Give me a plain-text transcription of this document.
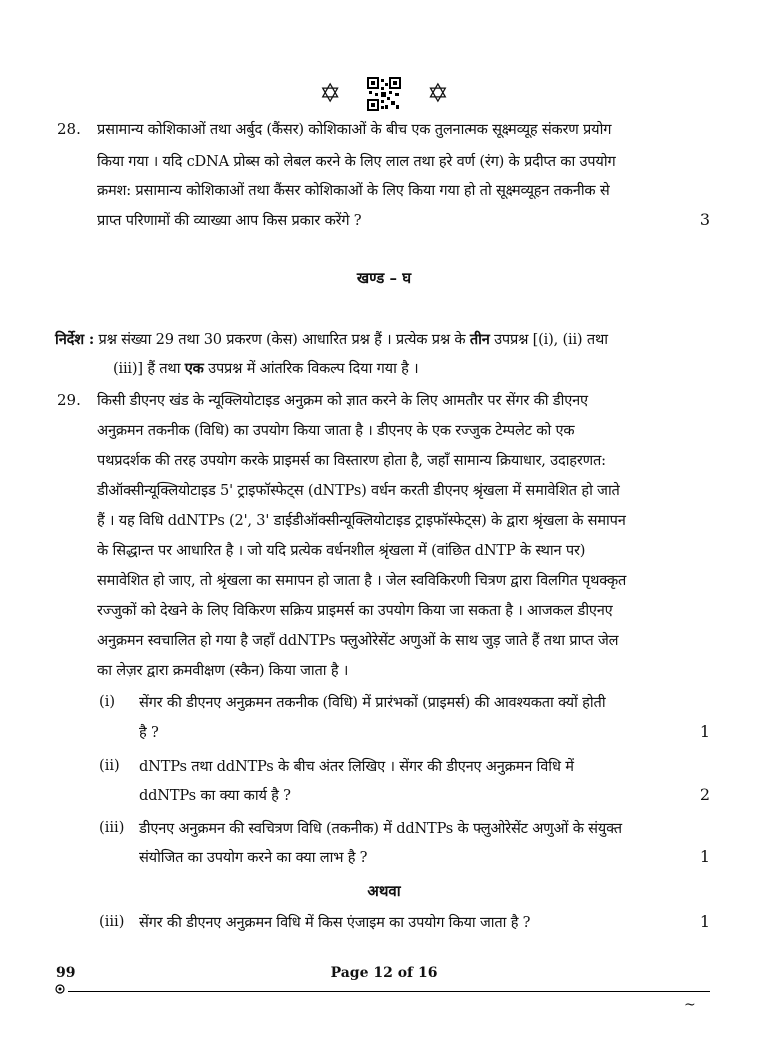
✡	✡
28. प्रसामान्य कोशिकाओं तथा अर्बुद (कैंसर) कोशिकाओं के बीच एक तुलनात्मक सूक्ष्मव्यूह संकरण प्रयोग
किया गया । यदि cDNA प्रोब्स को लेबल करने के लिए लाल तथा हरे वर्ण (रंग) के प्रदीप्त का उपयोग
क्रमश: प्रसामान्य कोशिकाओं तथा कैंसर कोशिकाओं के लिए किया गया हो तो सूक्ष्मव्यूहन तकनीक से
प्राप्त परिणामों की व्याख्या आप किस प्रकार करेंगे ?	3
खण्ड – घ
निर्देश : प्रश्न संख्या 29 तथा 30 प्रकरण (केस) आधारित प्रश्न हैं । प्रत्येक प्रश्न के तीन उपप्रश्न [(i), (ii) तथा
(iii)] हैं तथा एक उपप्रश्न में आंतरिक विकल्प दिया गया है ।
29. किसी डीएनए खंड के न्यूक्लियोटाइड अनुक्रम को ज्ञात करने के लिए आमतौर पर सेंगर की डीएनए
अनुक्रमन तकनीक (विधि) का उपयोग किया जाता है । डीएनए के एक रज्जुक टेम्पलेट को एक
पथप्रदर्शक की तरह उपयोग करके प्राइमर्स का विस्तारण होता है, जहाँ सामान्य क्रियाधार, उदाहरणत:
डीऑक्सीन्यूक्लियोटाइड 5' ट्राइफॉस्फेट्स (dNTPs) वर्धन करती डीएनए श्रृंखला में समावेशित हो जाते
हैं । यह विधि ddNTPs (2', 3' डाईडीऑक्सीन्यूक्लियोटाइड ट्राइफॉस्फेट्स) के द्वारा श्रृंखला के समापन
के सिद्धान्त पर आधारित है । जो यदि प्रत्येक वर्धनशील श्रृंखला में (वांछित dNTP के स्थान पर)
समावेशित हो जाए, तो श्रृंखला का समापन हो जाता है । जेल स्वविकिरणी चित्रण द्वारा विलगित पृथक्कृत
रज्जुकों को देखने के लिए विकिरण सक्रिय प्राइमर्स का उपयोग किया जा सकता है । आजकल डीएनए
अनुक्रमन स्वचालित हो गया है जहाँ ddNTPs फ्लुओरेसेंट अणुओं के साथ जुड़ जाते हैं तथा प्राप्त जेल
का लेज़र द्वारा क्रमवीक्षण (स्कैन) किया जाता है ।
(i) सेंगर की डीएनए अनुक्रमन तकनीक (विधि) में प्रारंभकों (प्राइमर्स) की आवश्यकता क्यों होती
है ?	1
(ii) dNTPs तथा ddNTPs के बीच अंतर लिखिए । सेंगर की डीएनए अनुक्रमन विधि में
ddNTPs का क्या कार्य है ?	2
(iii) डीएनए अनुक्रमन की स्वचित्रण विधि (तकनीक) में ddNTPs के फ्लुओरेसेंट अणुओं के संयुक्त
संयोजित का उपयोग करने का क्या लाभ है ?	1
अथवा
(iii) सेंगर की डीएनए अनुक्रमन विधि में किस एंजाइम का उपयोग किया जाता है ?	1
99	Page 12 of 16
~
